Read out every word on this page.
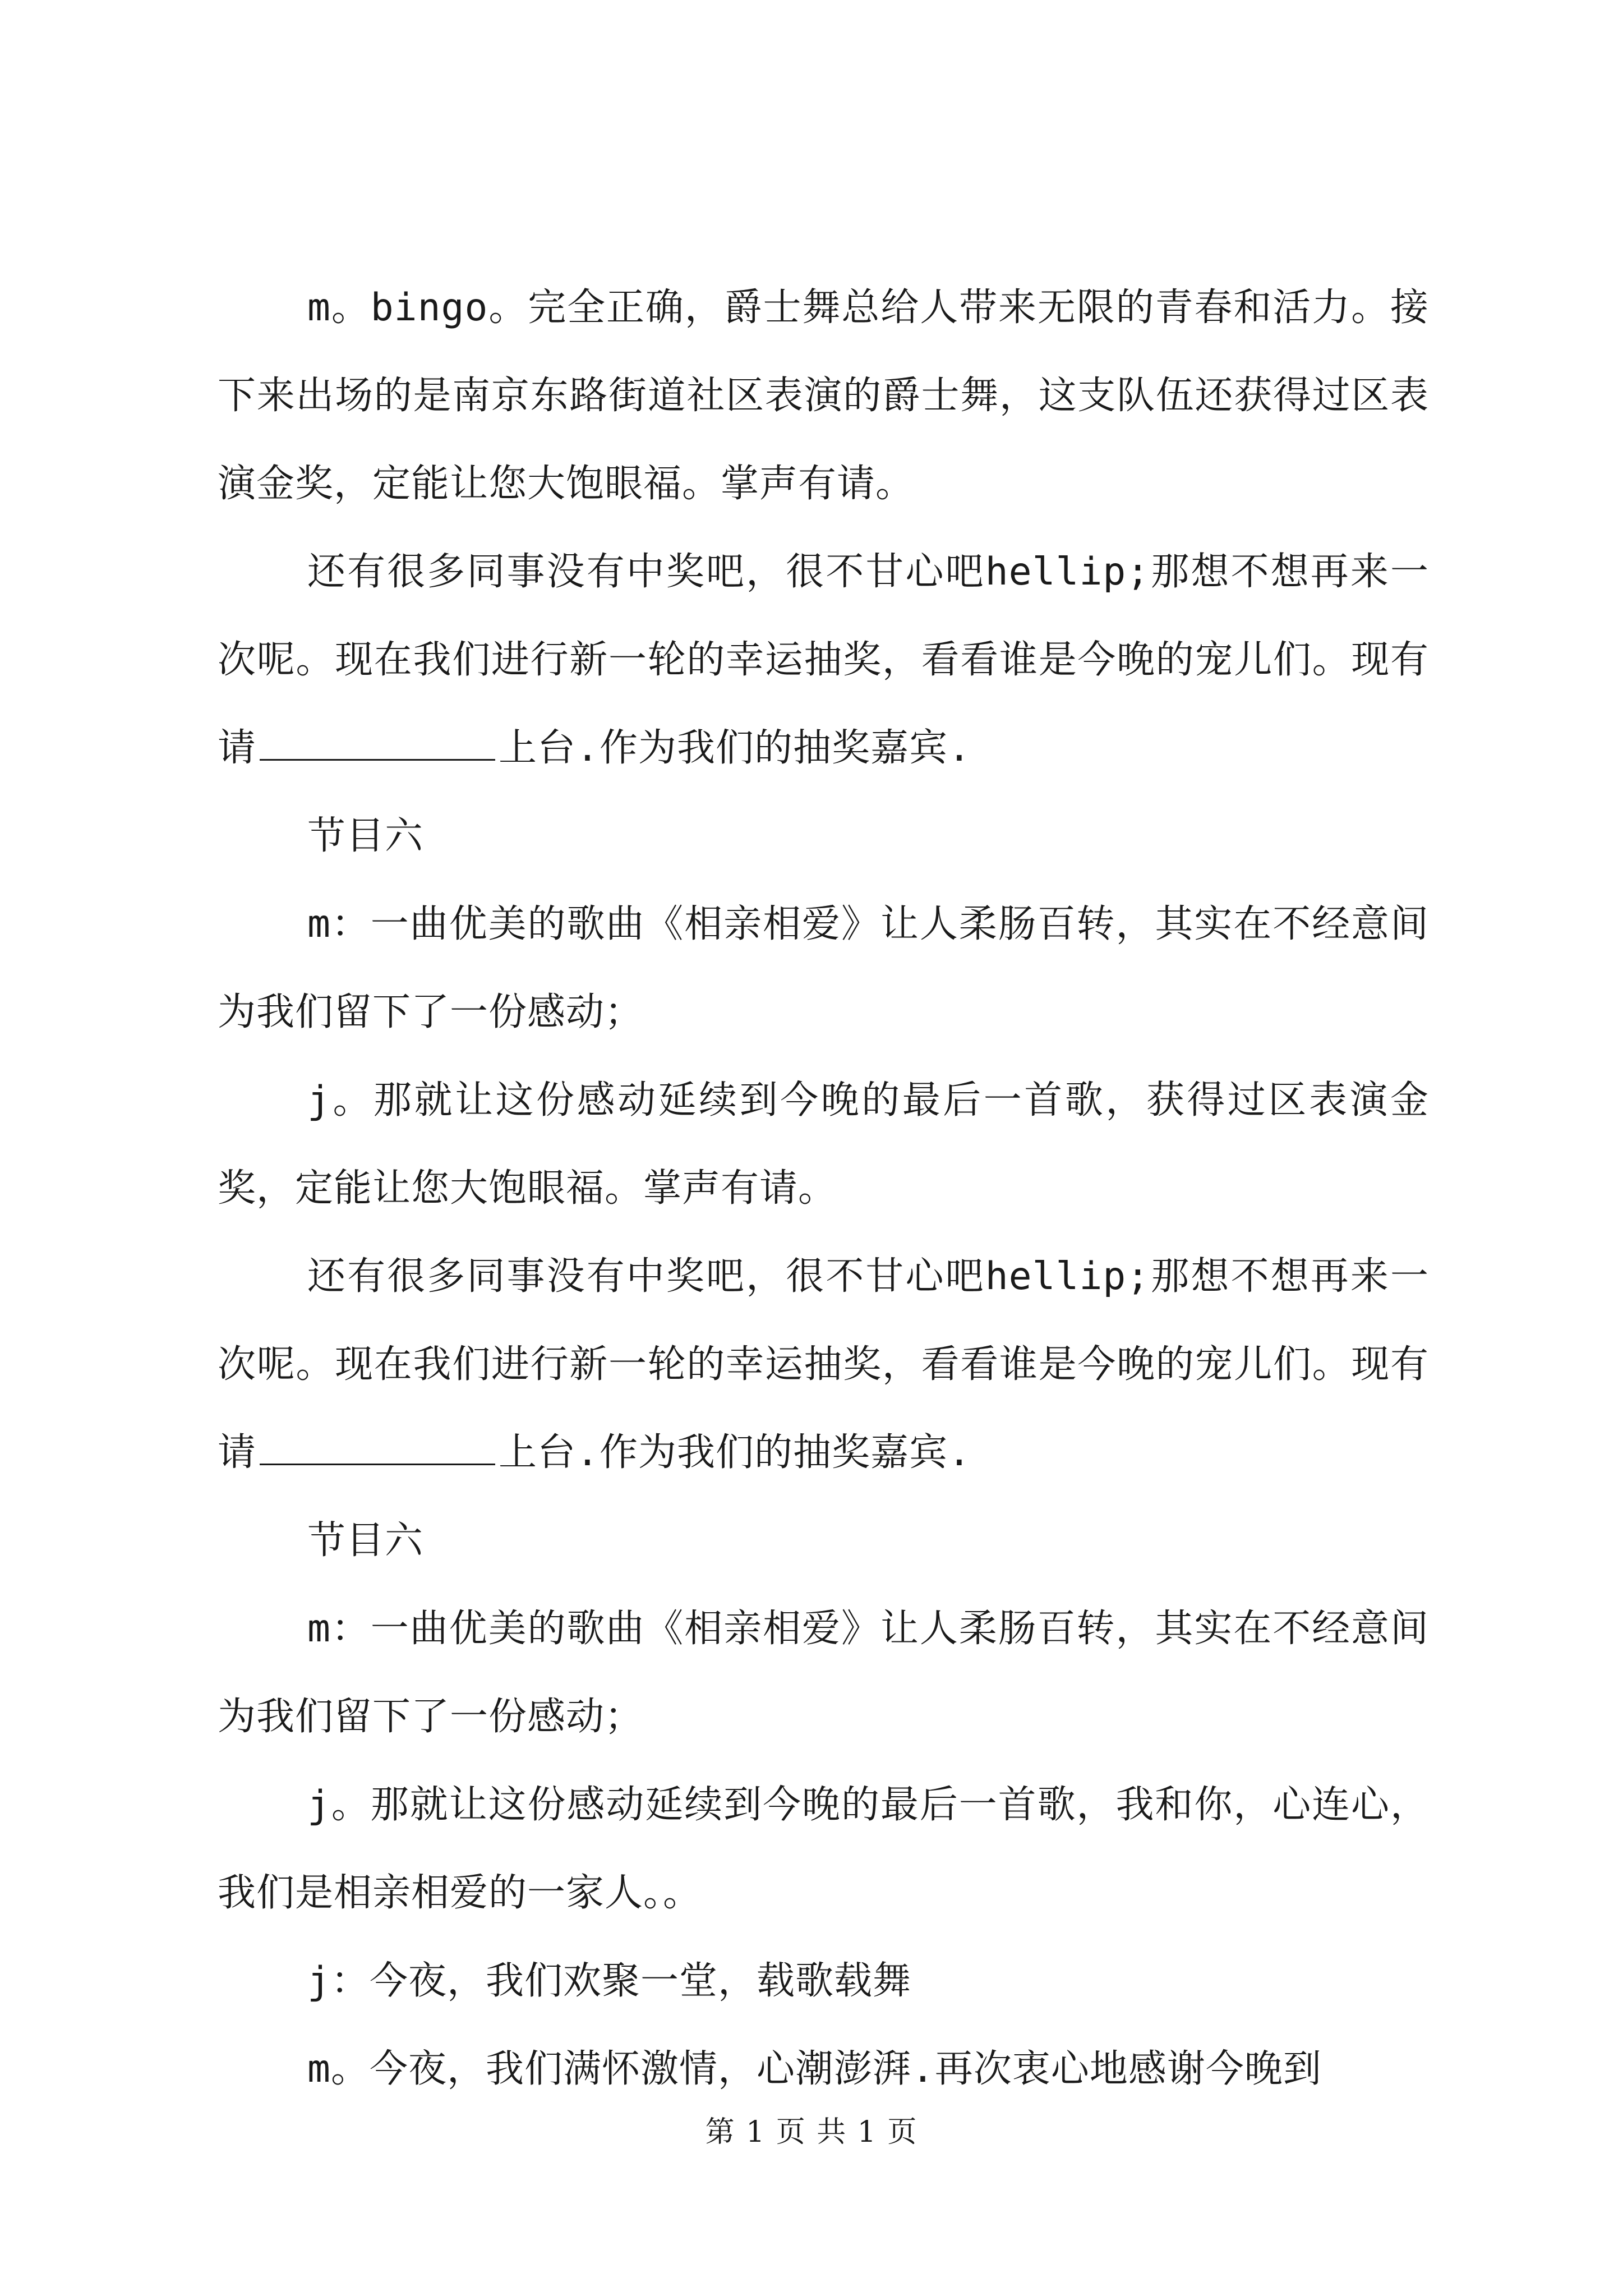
m。bingo。完全正确，爵士舞总给人带来无限的青春和活力。接下来出场的是南京东路街道社区表演的爵士舞，这支队伍还获得过区表演金奖，定能让您大饱眼福。掌声有请。

还有很多同事没有中奖吧，很不甘心吧hellip;那想不想再来一次呢。现在我们进行新一轮的幸运抽奖，看看谁是今晚的宠儿们。现有请	上台.作为我们的抽奖嘉宾.

节目六

m：一曲优美的歌曲《相亲相爱》让人柔肠百转，其实在不经意间为我们留下了一份感动；

j。那就让这份感动延续到今晚的最后一首歌，获得过区表演金奖，定能让您大饱眼福。掌声有请。

还有很多同事没有中奖吧，很不甘心吧hellip;那想不想再来一次呢。现在我们进行新一轮的幸运抽奖，看看谁是今晚的宠儿们。现有请	上台.作为我们的抽奖嘉宾.

节目六

m：一曲优美的歌曲《相亲相爱》让人柔肠百转，其实在不经意间为我们留下了一份感动；

j。那就让这份感动延续到今晚的最后一首歌，我和你，心连心，我们是相亲相爱的一家人。。

j：今夜，我们欢聚一堂，载歌载舞

m。今夜，我们满怀激情，心潮澎湃.再次衷心地感谢今晚到

第 1 页 共 1 页
